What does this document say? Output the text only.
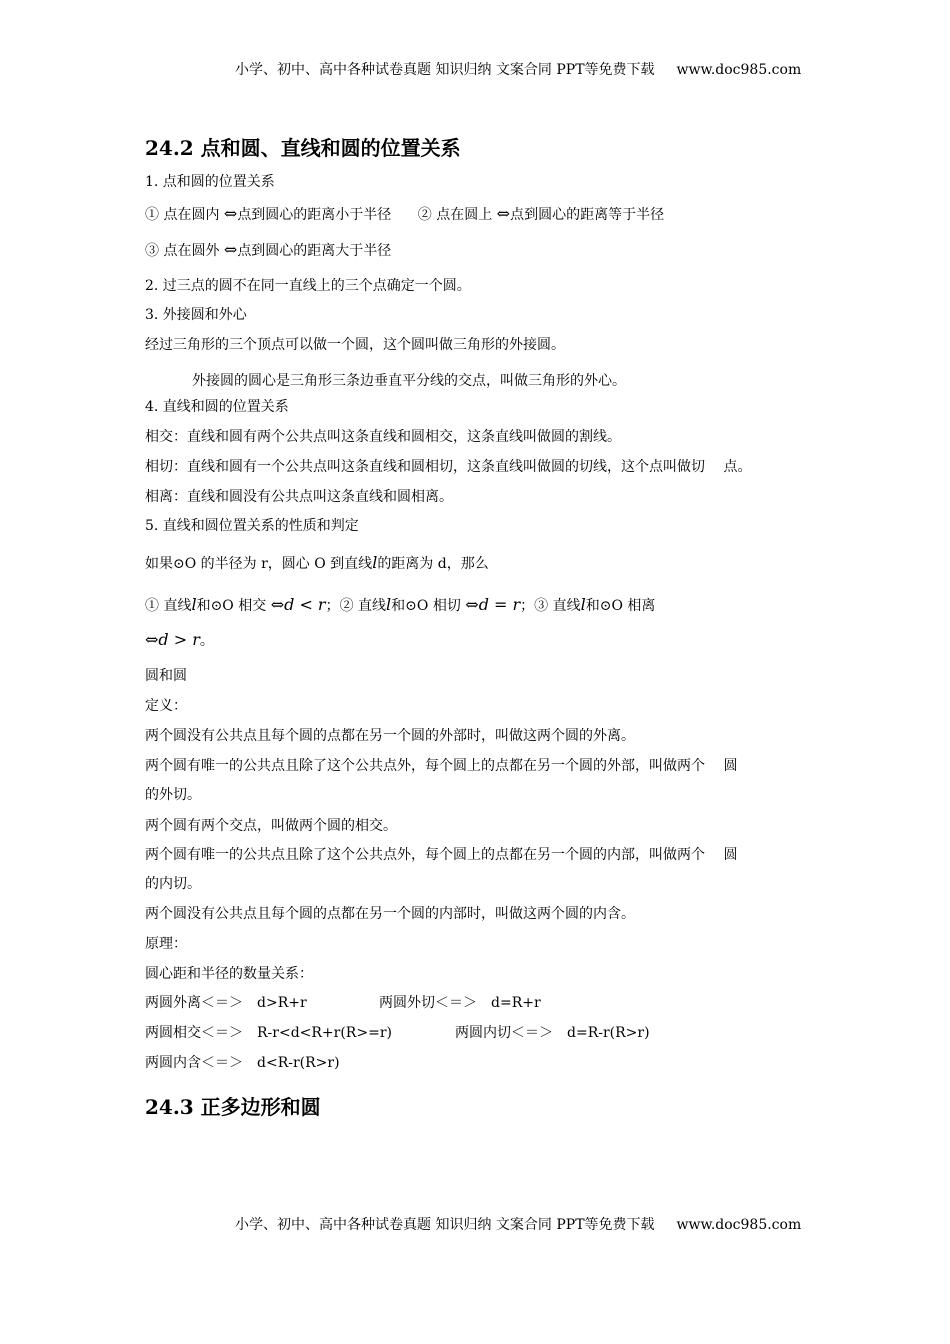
小学、初中、高中各种试卷真题 知识归纳 文案合同 PPT等免费下载 www.doc985.com
24.2 点和圆、直线和圆的位置关系
1. 点和圆的位置关系
① 点在圆内 ⇔点到圆心的距离小于半径 ② 点在圆上 ⇔点到圆心的距离等于半径
③ 点在圆外 ⇔点到圆心的距离大于半径
2. 过三点的圆不在同一直线上的三个点确定一个圆。
3. 外接圆和外心
经过三角形的三个顶点可以做一个圆，这个圆叫做三角形的外接圆。
外接圆的圆心是三角形三条边垂直平分线的交点，叫做三角形的外心。
4. 直线和圆的位置关系
相交：直线和圆有两个公共点叫这条直线和圆相交，这条直线叫做圆的割线。
相切：直线和圆有一个公共点叫这条直线和圆相切，这条直线叫做圆的切线，这个点叫做切　 点。
相离：直线和圆没有公共点叫这条直线和圆相离。
5. 直线和圆位置关系的性质和判定
如果⊙O 的半径为 r，圆心 O 到直线l的距离为 d，那么
① 直线l和⊙O 相交 ⇔d < r；② 直线l和⊙O 相切 ⇔d = r；③ 直线l和⊙O 相离
⇔d > r。
圆和圆
定义：
两个圆没有公共点且每个圆的点都在另一个圆的外部时，叫做这两个圆的外离。
两个圆有唯一的公共点且除了这个公共点外，每个圆上的点都在另一个圆的外部，叫做两个　 圆
的外切。
两个圆有两个交点，叫做两个圆的相交。
两个圆有唯一的公共点且除了这个公共点外，每个圆上的点都在另一个圆的内部，叫做两个　 圆
的内切。
两个圆没有公共点且每个圆的点都在另一个圆的内部时，叫做这两个圆的内含。
原理：
圆心距和半径的数量关系：
两圆外离＜＝＞　d>R+r	两圆外切＜＝＞　d=R+r
两圆相交＜＝＞　R-r<d<R+r(R>=r)	两圆内切＜＝＞　d=R-r(R>r)
两圆内含＜＝＞　d<R-r(R>r)
24.3 正多边形和圆
小学、初中、高中各种试卷真题 知识归纳 文案合同 PPT等免费下载 www.doc985.com
